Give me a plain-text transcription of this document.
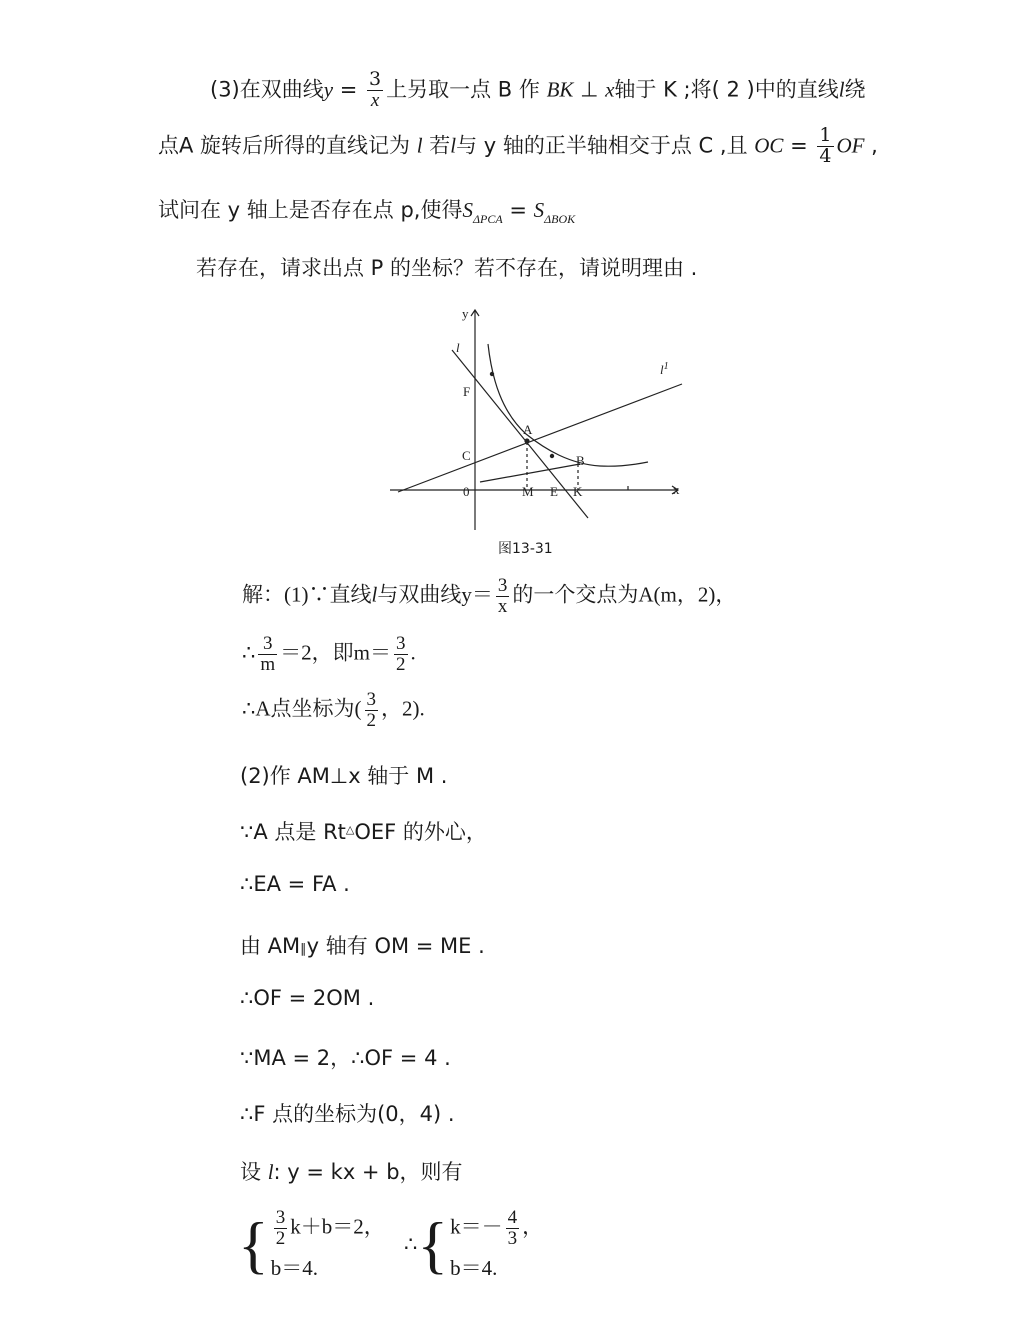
(3)在双曲线$y = \frac{3}{x}$ 上另取一点 B 作 BK ⊥ x轴于 K ;将( 2 )中的直线l绕
点A 旋转后所得的直线记为 l 若l与 y 轴的正半轴相交于点 C ,且 OC = $\frac{1}{4}$ OF ,
试问在 y 轴上是否存在点 p,使得$S_{\Delta PCA} = S_{\Delta BOK}$
若存在，请求出点 P 的坐标？若不存在，请说明理由 .
y
x
l
$l^1$
F
A
C	B
0	M E K
图13-31
解：(1)∵直线l与双曲线$y= \frac{3}{x}$ 的一个交点为A(m，2)，
∴ $\frac{3}{m} =2$，即$m= \frac{3}{2}$ .
∴A点坐标为( $\frac{3}{2}$ ，2).
(2)作 AM⊥x 轴于 M .
∵A 点是 Rt△OEF 的外心，
∴EA = FA .
由 AM∥y 轴有 OM = ME .
∴OF = 2OM .
∵MA = 2，∴OF = 4 .
∴F 点的坐标为(0，4) .
设 l: y = kx + b，则有
{ $\frac{3}{2} k+b=2$，
b＝4.
∴{ $k=- \frac{4}{3}$ ，
b＝4.
